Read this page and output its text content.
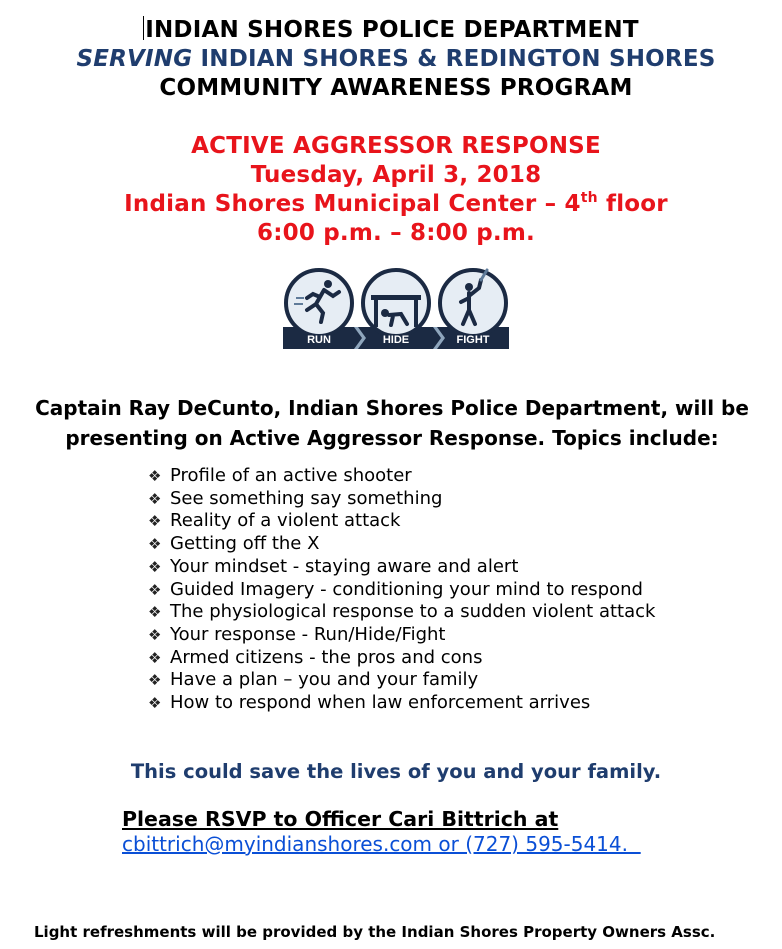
INDIAN SHORES POLICE DEPARTMENT
SERVING INDIAN SHORES & REDINGTON SHORES
COMMUNITY AWARENESS PROGRAM
ACTIVE AGGRESSOR RESPONSE
Tuesday, April 3, 2018
Indian Shores Municipal Center – 4th floor
6:00 p.m. – 8:00 p.m.
RUN	HIDE	FIGHT
Captain Ray DeCunto, Indian Shores Police Department, will be presenting on Active Aggressor Response. Topics include:
❖ Profile of an active shooter
❖ See something say something
❖ Reality of a violent attack
❖ Getting off the X
❖ Your mindset - staying aware and alert
❖ Guided Imagery - conditioning your mind to respond
❖ The physiological response to a sudden violent attack
❖ Your response - Run/Hide/Fight
❖ Armed citizens - the pros and cons
❖ Have a plan – you and your family
❖ How to respond when law enforcement arrives
This could save the lives of you and your family.
Please RSVP to Officer Cari Bittrich at
cbittrich@myindianshores.com or (727) 595-5414.
Light refreshments will be provided by the Indian Shores Property Owners Assc.
